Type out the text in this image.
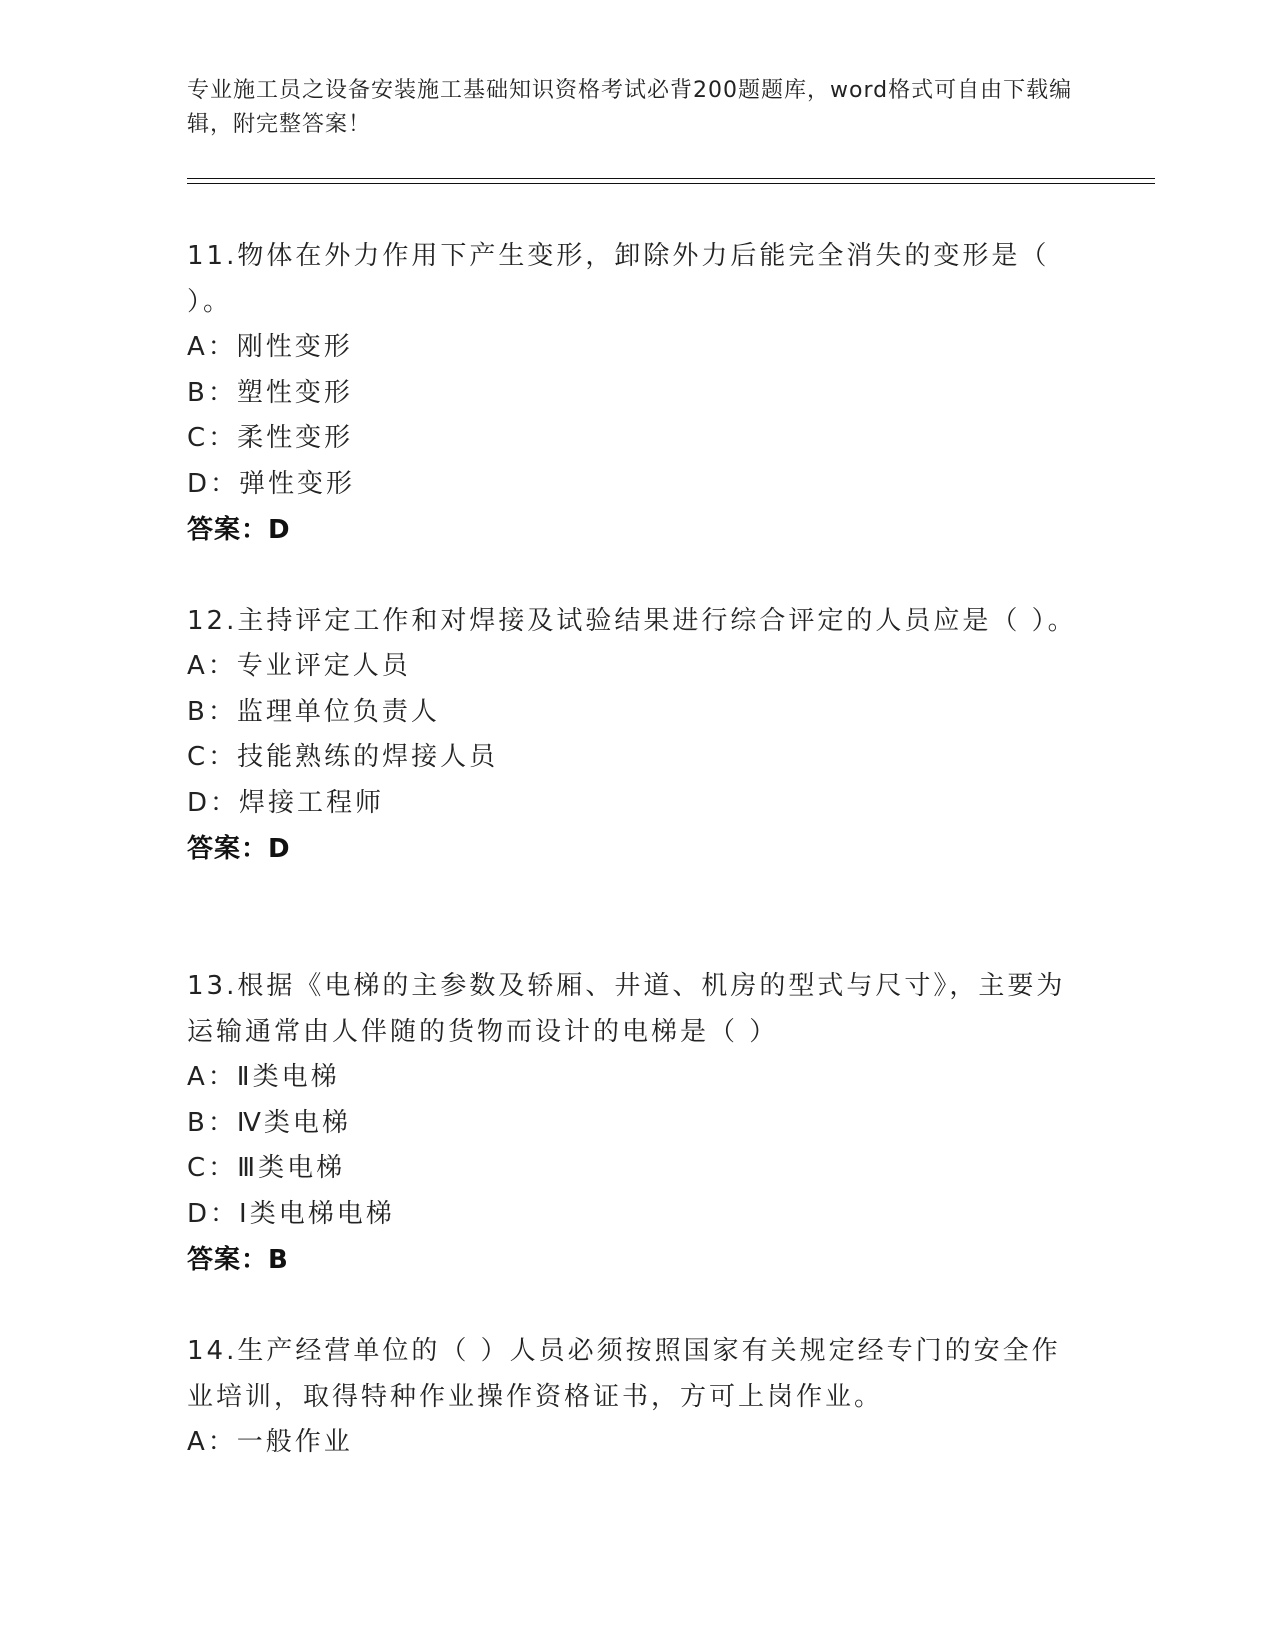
专业施工员之设备安装施工基础知识资格考试必背200题题库，word格式可自由下载编辑，附完整答案！

11.物体在外力作用下产生变形，卸除外力后能完全消失的变形是（ ）。

A：刚性变形

B：塑性变形

C：柔性变形

D：弹性变形

答案：D

12.主持评定工作和对焊接及试验结果进行综合评定的人员应是（ ）。

A：专业评定人员

B：监理单位负责人

C：技能熟练的焊接人员

D：焊接工程师

答案：D

13.根据《电梯的主参数及轿厢、井道、机房的型式与尺寸》，主要为运输通常由人伴随的货物而设计的电梯是（ ）

A：Ⅱ类电梯

B：Ⅳ类电梯

C：Ⅲ类电梯

D：Ⅰ类电梯电梯

答案：B

14.生产经营单位的（ ）人员必须按照国家有关规定经专门的安全作业培训，取得特种作业操作资格证书，方可上岗作业。

A：一般作业
